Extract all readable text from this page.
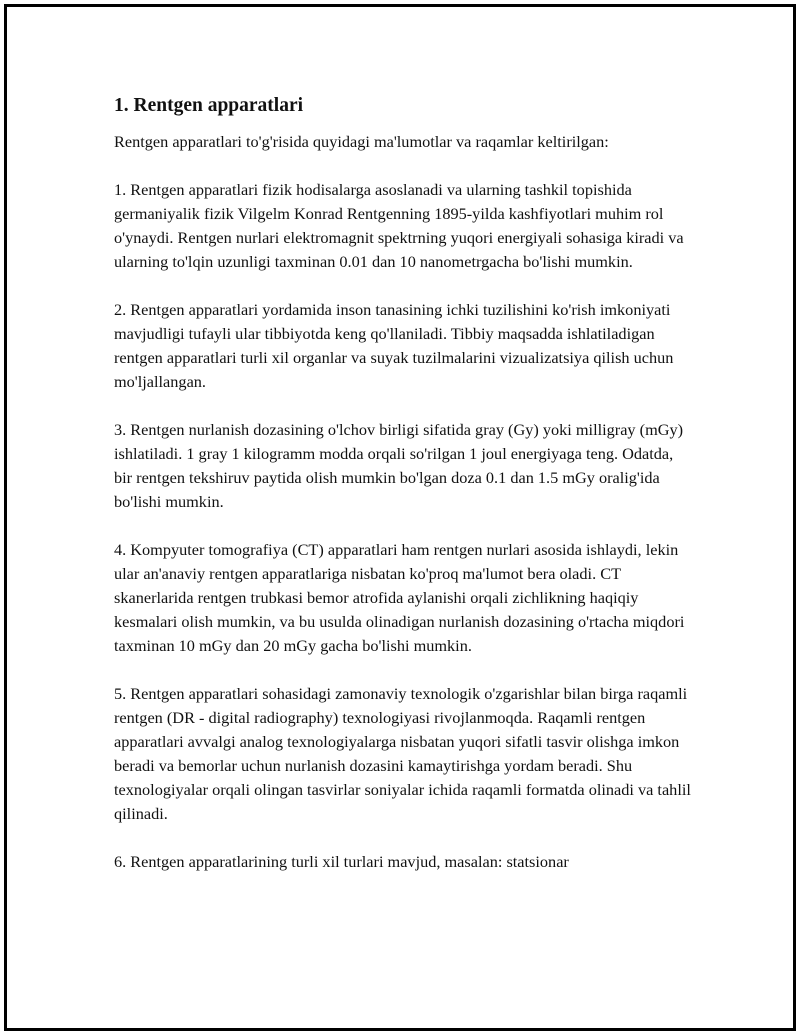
1. Rentgen apparatlari

Rentgen apparatlari to'g'risida quyidagi ma'lumotlar va raqamlar keltirilgan:

1. Rentgen apparatlari fizik hodisalarga asoslanadi va ularning tashkil topishida germaniyalik fizik Vilgelm Konrad Rentgenning 1895-yilda kashfiyotlari muhim rol o'ynaydi. Rentgen nurlari elektromagnit spektrning yuqori energiyali sohasiga kiradi va ularning to'lqin uzunligi taxminan 0.01 dan 10 nanometrgacha bo'lishi mumkin.

2. Rentgen apparatlari yordamida inson tanasining ichki tuzilishini ko'rish imkoniyati mavjudligi tufayli ular tibbiyotda keng qo'llaniladi. Tibbiy maqsadda ishlatiladigan rentgen apparatlari turli xil organlar va suyak tuzilmalarini vizualizatsiya qilish uchun mo'ljallangan.

3. Rentgen nurlanish dozasining o'lchov birligi sifatida gray (Gy) yoki milligray (mGy) ishlatiladi. 1 gray 1 kilogramm modda orqali so'rilgan 1 joul energiyaga teng. Odatda, bir rentgen tekshiruv paytida olish mumkin bo'lgan doza 0.1 dan 1.5 mGy oralig'ida bo'lishi mumkin.

4. Kompyuter tomografiya (CT) apparatlari ham rentgen nurlari asosida ishlaydi, lekin ular an'anaviy rentgen apparatlariga nisbatan ko'proq ma'lumot bera oladi. CT skanerlarida rentgen trubkasi bemor atrofida aylanishi orqali zichlikning haqiqiy kesmalari olish mumkin, va bu usulda olinadigan nurlanish dozasining o'rtacha miqdori taxminan 10 mGy dan 20 mGy gacha bo'lishi mumkin.

5. Rentgen apparatlari sohasidagi zamonaviy texnologik o'zgarishlar bilan birga raqamli rentgen (DR - digital radiography) texnologiyasi rivojlanmoqda. Raqamli rentgen apparatlari avvalgi analog texnologiyalarga nisbatan yuqori sifatli tasvir olishga imkon beradi va bemorlar uchun nurlanish dozasini kamaytirishga yordam beradi. Shu texnologiyalar orqali olingan tasvirlar soniyalar ichida raqamli formatda olinadi va tahlil qilinadi.

6. Rentgen apparatlarining turli xil turlari mavjud, masalan: statsionar
